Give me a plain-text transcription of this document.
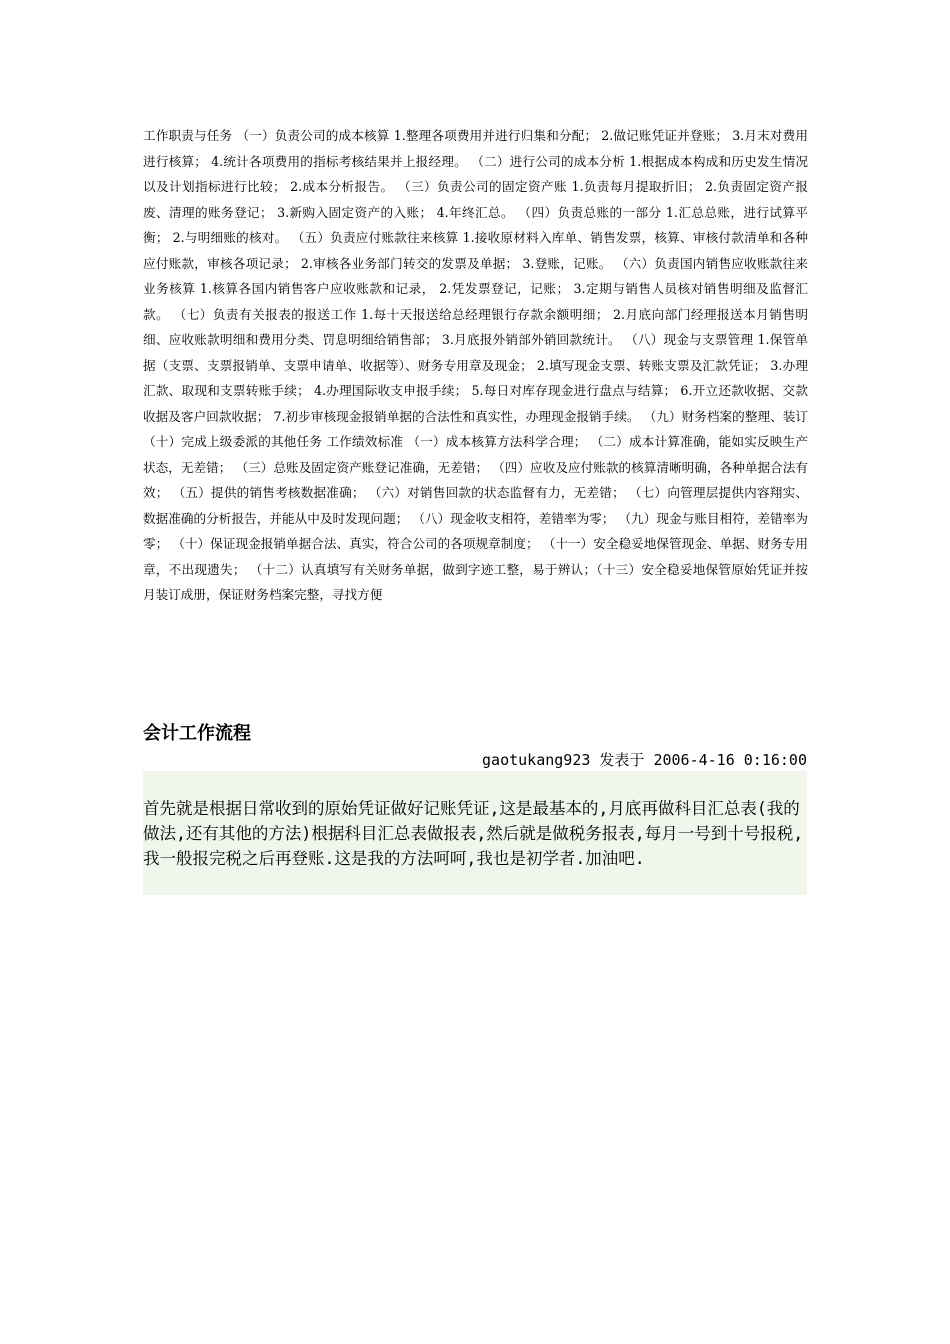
工作职责与任务 （一）负责公司的成本核算 1.整理各项费用并进行归集和分配； 2.做记账凭证并登账； 3.月末对费用进行核算； 4.统计各项费用的指标考核结果并上报经理。 （二）进行公司的成本分析 1.根据成本构成和历史发生情况以及计划指标进行比较； 2.成本分析报告。 （三）负责公司的固定资产账 1.负责每月提取折旧； 2.负责固定资产报废、清理的账务登记； 3.新购入固定资产的入账； 4.年终汇总。 （四）负责总账的一部分 1.汇总总账，进行试算平衡； 2.与明细账的核对。 （五）负责应付账款往来核算 1.接收原材料入库单、销售发票，核算、审核付款清单和各种应付账款，审核各项记录； 2.审核各业务部门转交的发票及单据； 3.登账，记账。 （六）负责国内销售应收账款往来业务核算 1.核算各国内销售客户应收账款和记录， 2.凭发票登记，记账； 3.定期与销售人员核对销售明细及监督汇款。 （七）负责有关报表的报送工作 1.每十天报送给总经理银行存款余额明细； 2.月底向部门经理报送本月销售明细、应收账款明细和费用分类、罚息明细给销售部； 3.月底报外销部外销回款统计。 （八）现金与支票管理 1.保管单据（支票、支票报销单、支票申请单、收据等）、财务专用章及现金； 2.填写现金支票、转账支票及汇款凭证； 3.办理汇款、取现和支票转账手续； 4.办理国际收支申报手续； 5.每日对库存现金进行盘点与结算； 6.开立还款收据、交款收据及客户回款收据； 7.初步审核现金报销单据的合法性和真实性，办理现金报销手续。 （九）财务档案的整理、装订 （十）完成上级委派的其他任务 工作绩效标准 （一）成本核算方法科学合理； （二）成本计算准确，能如实反映生产状态，无差错； （三）总账及固定资产账登记准确，无差错； （四）应收及应付账款的核算清晰明确，各种单据合法有效； （五）提供的销售考核数据准确； （六）对销售回款的状态监督有力，无差错； （七）向管理层提供内容翔实、数据准确的分析报告，并能从中及时发现问题； （八）现金收支相符，差错率为零； （九）现金与账目相符，差错率为零； （十）保证现金报销单据合法、真实，符合公司的各项规章制度； （十一）安全稳妥地保管现金、单据、财务专用章，不出现遗失； （十二）认真填写有关财务单据，做到字迹工整，易于辨认；（十三）安全稳妥地保管原始凭证并按月装订成册，保证财务档案完整，寻找方便

会计工作流程

gaotukang923 发表于 2006-4-16 0:16:00

首先就是根据日常收到的原始凭证做好记账凭证,这是最基本的,月底再做科目汇总表(我的做法,还有其他的方法)根据科目汇总表做报表,然后就是做税务报表,每月一号到十号报税,我一般报完税之后再登账.这是我的方法呵呵,我也是初学者.加油吧.
